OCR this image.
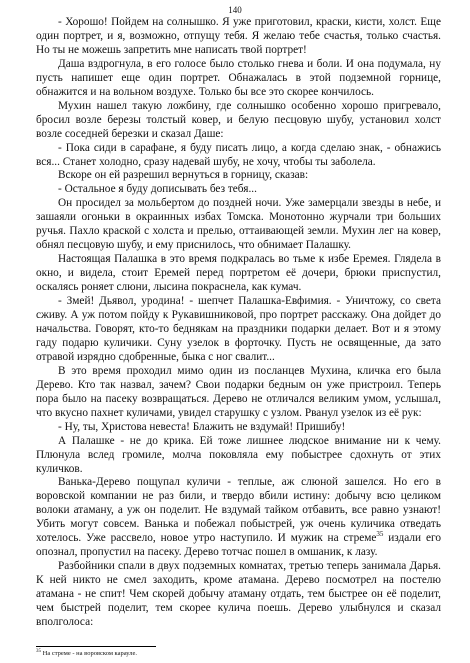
140

- Хорошо! Пойдем на солнышко. Я уже приготовил, краски, кисти, холст. Еще один портрет, и я, возможно, отпущу тебя. Я желаю тебе счастья, только счастья. Но ты не можешь запретить мне написать твой портрет!

Даша вздрогнула, в его голосе было столько гнева и боли. И она подумала, ну пусть напишет еще один портрет. Обнажалась в этой подземной горнице, обнажится и на вольном воздухе. Только бы все это скорее кончилось.

Мухин нашел такую ложбину, где солнышко особенно хорошо пригревало, бросил возле березы толстый ковер, и белую песцовую шубу, установил холст возле соседней березки и сказал Даше:

- Пока сиди в сарафане, я буду писать лицо, а когда сделаю знак, - обнажись вся... Станет холодно, сразу надевай шубу, не хочу, чтобы ты заболела.

Вскоре он ей разрешил вернуться в горницу, сказав:

- Остальное я буду дописывать без тебя...

Он просидел за мольбертом до поздней ночи. Уже замерцали звезды в небе, и зашаяли огоньки в окраинных избах Томска. Монотонно журчали три больших ручья. Пахло краской с холста и прелью, оттаивающей земли. Мухин лег на ковер, обнял песцовую шубу, и ему приснилось, что обнимает Палашку.

Настоящая Палашка в это время подкралась во тьме к избе Еремея. Глядела в окно, и видела, стоит Еремей перед портретом её дочери, брюки приспустил, оскалясь роняет слюни, лысина покраснела, как кумач.

- Змей! Дьявол, уродина! - шепчет Палашка-Евфимия. - Уничтожу, со света сживу. А уж потом пойду к Рукавишниковой, про портрет расскажу. Она дойдет до начальства. Говорят, кто-то беднякам на праздники подарки делает. Вот и я этому гаду подарю куличики. Суну узелок в форточку. Пусть не освященные, да зато отравой изрядно сдобренные, быка с ног свалит...

В это время проходил мимо один из посланцев Мухина, кличка его была Дерево. Кто так назвал, зачем? Свои подарки бедным он уже пристроил. Теперь пора было на пасеку возвращаться. Дерево не отличался великим умом, услышал, что вкусно пахнет куличами, увидел старушку с узлом. Рванул узелок из её рук:

- Ну, ты, Христова невеста! Блажить не вздумай! Пришибу!

А Палашке - не до крика. Ей тоже лишнее людское внимание ни к чему. Плюнула вслед громиле, молча поковляла ему побыстрее сдохнуть от этих куличков.

Ванька-Дерево пощупал куличи - теплые, аж слюной зашелся. Но его в воровской компании не раз били, и твердо вбили истину: добычу всю целиком волоки атаману, а уж он поделит. Не вздумай тайком отбавить, все равно узнают! Убить могут совсем. Ванька и побежал побыстрей, уж очень куличика отведать хотелось. Уже рассвело, новое утро наступило. И мужик на стреме$^{35}$ издали его опознал, пропустил на пасеку. Дерево тотчас пошел в омшаник, к лазу.

Разбойники спали в двух подземных комнатах, третью теперь занимала Дарья. К ней никто не смел заходить, кроме атамана. Дерево посмотрел на постелю атамана - не спит! Чем скорей добычу атаману отдать, тем быстрее он её поделит, чем быстрей поделит, тем скорее кулича поешь. Дерево улыбнулся и сказал вполголоса:

$^{35}$ На стреме - на воровском карауле.
